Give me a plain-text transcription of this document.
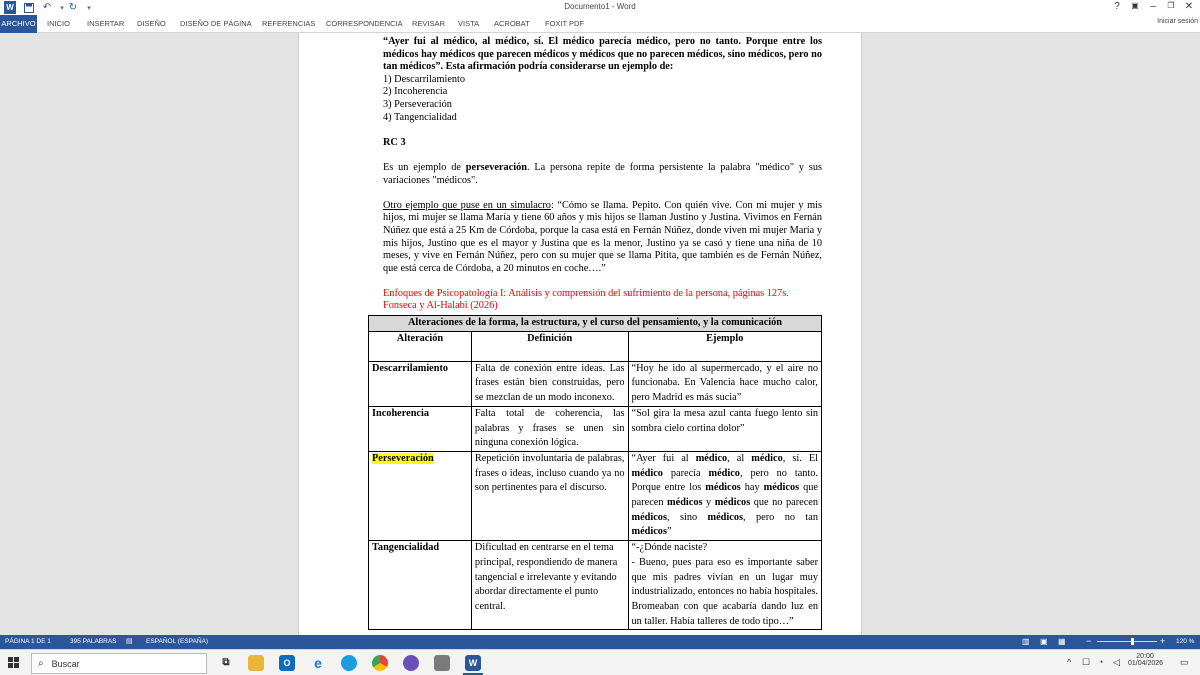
W	↶	▾ ↻	▾	Documento1 - Word	?	▣	–	❐	✕
ARCHIVO INICIO INSERTAR DISEÑO DISEÑO DE PÁGINA REFERENCIAS CORRESPONDENCIA REVISAR VISTA ACROBAT FOXIT PDF	Iniciar sesión

“Ayer fui al médico, al médico, sí. El médico parecía médico, pero no tanto. Porque entre los médicos hay médicos que parecen médicos y médicos que no parecen médicos, sino médicos, pero no tan médicos”. Esta afirmación podría considerarse un ejemplo de:

1) Descarrilamiento

2) Incoherencia

3) Perseveración

4) Tangencialidad

RC 3

Es un ejemplo de perseveración. La persona repite de forma persistente la palabra "médico" y sus variaciones "médicos".

Otro ejemplo que puse en un simulacro: “Cómo se llama. Pepito. Con quién vive. Con mi mujer y mis hijos, mi mujer se llama María y tiene 60 años y mis hijos se llaman Justino y Justina. Vivimos en Fernán Núñez que está a 25 Km de Córdoba, porque la casa está en Fernán Núñez, donde viven mi mujer María y mis hijos, Justino que es el mayor y Justina que es la menor, Justino ya se casó y tiene una niña de 10 meses, y vive en Fernán Núñez, pero con su mujer que se llama Pitita, que también es de Fernán Núñez, que está cerca de Córdoba, a 20 minutos en coche….”

Enfoques de Psicopatología I: Análisis y comprensión del sufrimiento de la persona, páginas 127s.
Fonseca y Al-Halabi (2026)

Alteraciones de la forma, la estructura, y el curso del pensamiento, y la comunicación		
Alteración	Definición	Ejemplo
Descarrilamiento	Falta de conexión entre ideas. Las frases están bien construidas, pero se mezclan de un modo inconexo.	“Hoy he ido al supermercado, y el aire no funcionaba. En Valencia hace mucho calor, pero Madrid es más sucia”
Incoherencia	Falta total de coherencia, las palabras y frases se unen sin ninguna conexión lógica.	“Sol gira la mesa azul canta fuego lento sin sombra cielo cortina dolor”
Perseveración	Repetición involuntaria de palabras, frases o ideas, incluso cuando ya no son pertinentes para el discurso.	“Ayer fui al médico, al médico, sí. El médico parecía médico, pero no tanto. Porque entre los médicos hay médicos que parecen médicos y médicos que no parecen médicos, sino médicos, pero no tan médicos”
Tangencialidad	Dificultad en centrarse en el tema principal, respondiendo de manera tangencial e irrelevante y evitando abordar directamente el punto central.	“-¿Dónde naciste?
- Bueno, pues para eso es importante saber que mis padres vivían en un lugar muy industrializado, entonces no había hospitales. Bromeaban con que acabaría dando luz en un taller. Había talleres de todo tipo…”
PÁGINA 1 DE 1	395 PALABRAS ▤ ESPAÑOL (ESPAÑA)	▥ ▣ ▦ −	+ 120 %
⌕ Buscar	⧉	O	e	W	^ ☐ ◔ ◁
20:00
01/04/2026 ▭
